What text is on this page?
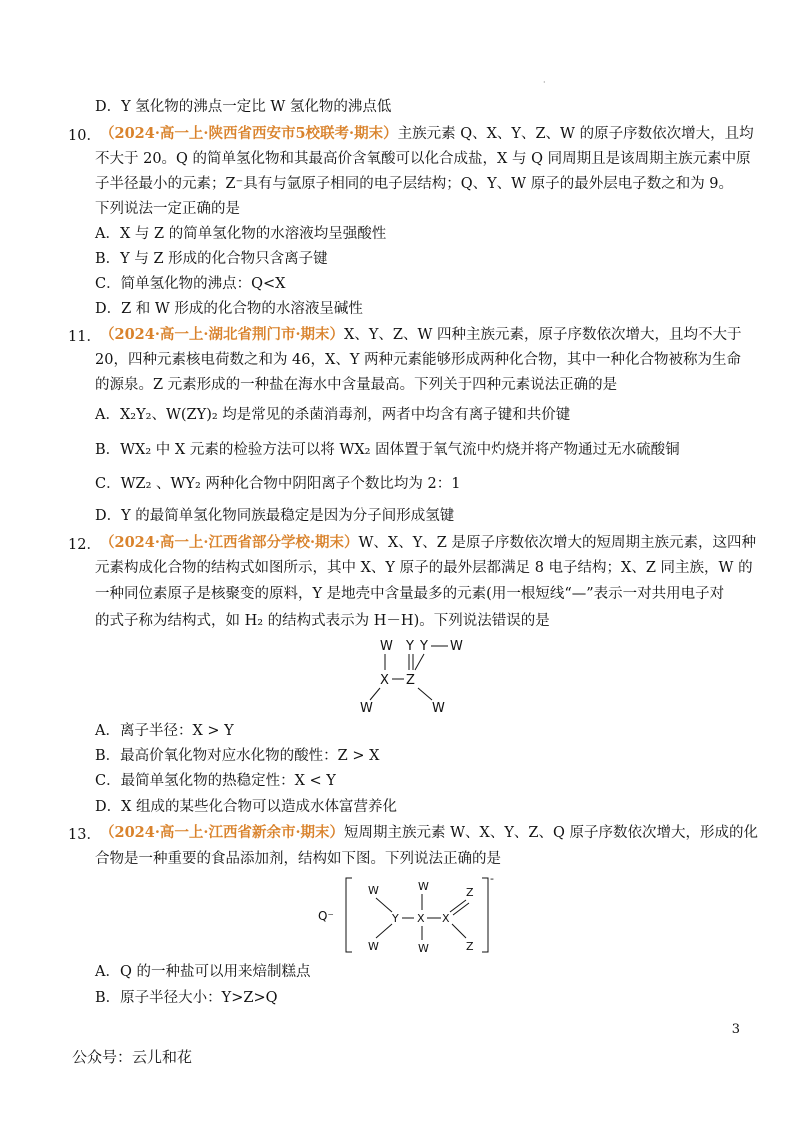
·
D．Y 氢化物的沸点一定比 W 氢化物的沸点低
10． （2024·高一上·陕西省西安市5校联考·期末）主族元素 Q、X、Y、Z、W 的原子序数依次增大，且均
不大于 20。Q 的简单氢化物和其最高价含氧酸可以化合成盐，X 与 Q 同周期且是该周期主族元素中原
子半径最小的元素；Z⁻具有与氩原子相同的电子层结构；Q、Y、W 原子的最外层电子数之和为 9。
下列说法一定正确的是
A．X 与 Z 的简单氢化物的水溶液均呈强酸性
B．Y 与 Z 形成的化合物只含离子键
C．简单氢化物的沸点：Q<X
D．Z 和 W 形成的化合物的水溶液呈碱性
11． （2024·高一上·湖北省荆门市·期末）X、Y、Z、W 四种主族元素，原子序数依次增大，且均不大于
20，四种元素核电荷数之和为 46，X、Y 两种元素能够形成两种化合物，其中一种化合物被称为生命
的源泉。Z 元素形成的一种盐在海水中含量最高。下列关于四种元素说法正确的是
A．X₂Y₂、W(ZY)₂ 均是常见的杀菌消毒剂，两者中均含有离子键和共价键
B．WX₂ 中 X 元素的检验方法可以将 WX₂ 固体置于氧气流中灼烧并将产物通过无水硫酸铜
C．WZ₂ 、WY₂ 两种化合物中阴阳离子个数比均为 2：1
D．Y 的最简单氢化物同族最稳定是因为分子间形成氢键
12． （2024·高一上·江西省部分学校·期末）W、X、Y、Z 是原子序数依次增大的短周期主族元素，这四种
元素构成化合物的结构式如图所示，其中 X、Y 原子的最外层都满足 8 电子结构；X、Z 同主族，W 的
一种同位素原子是核聚变的原料，Y 是地壳中含量最多的元素(用一根短线“—”表示一对共用电子对
的式子称为结构式，如 H₂ 的结构式表示为 H－H)。下列说法错误的是
W Y	W
Y
X Z
W	W
A．离子半径：X > Y
B．最高价氧化物对应水化物的酸性：Z > X
C．最简单氢化物的热稳定性：X < Y
D．X 组成的某些化合物可以造成水体富营养化
13． （2024·高一上·江西省新余市·期末）短周期主族元素 W、X、Y、Z、Q 原子序数依次增大，形成的化
合物是一种重要的食品添加剂，结构如下图。下列说法正确的是
Q⁻
-
W	W	Z
Y X X
W	W	Z
A．Q 的一种盐可以用来焙制糕点
B．原子半径大小：Y>Z>Q
3
公众号：云儿和花
